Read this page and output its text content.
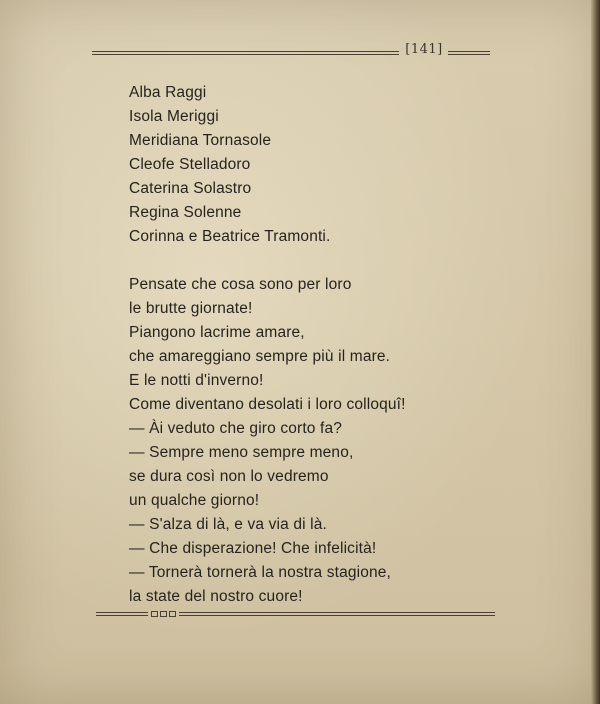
[141]
Alba Raggi
Isola Meriggi
Meridiana Tornasole
Cleofe Stelladoro
Caterina Solastro
Regina Solenne
Corinna e Beatrice Tramonti.
Pensate che cosa sono per loro
le brutte giornate!
Piangono lacrime amare,
che amareggiano sempre più il mare.
E le notti d'inverno!
Come diventano desolati i loro colloquî!
— Ài veduto che giro corto fa?
— Sempre meno sempre meno,
se dura così non lo vedremo
un qualche giorno!
— S'alza di là, e va via di là.
— Che disperazione! Che infelicità!
— Tornerà tornerà la nostra stagione,
la state del nostro cuore!
